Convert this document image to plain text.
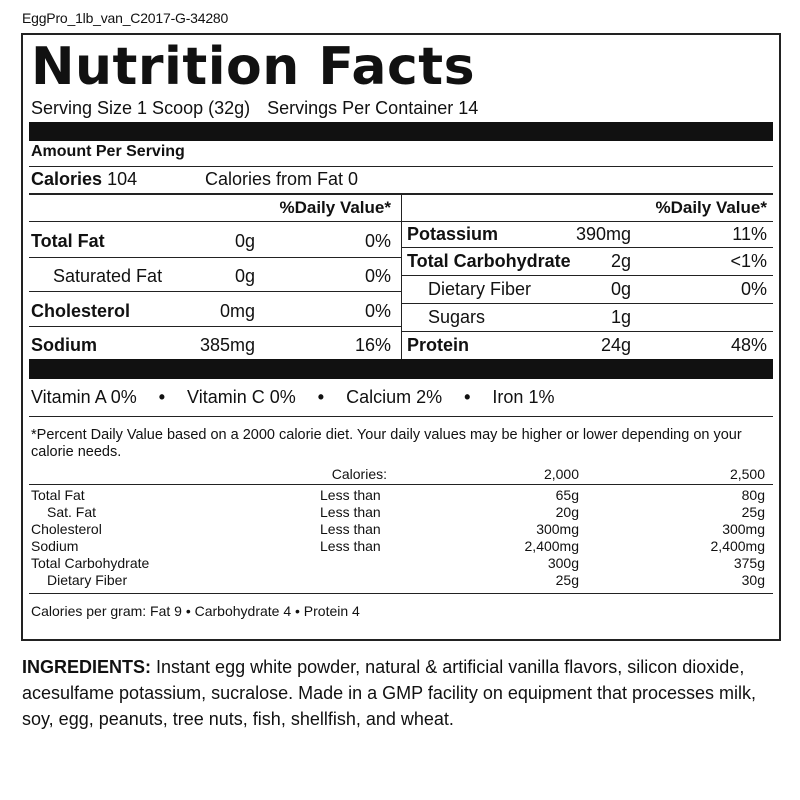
EggPro_1lb_van_C2017-G-34280
Nutrition Facts
Serving Size 1 Scoop (32g) Servings Per Container 14
Amount Per Serving
Calories 104	Calories from Fat 0
%Daily Value*	%Daily Value*
Total Fat	0g	0%
Saturated Fat	0g	0%
Cholesterol	0mg	0%
Sodium	385mg	16%
Potassium	390mg	11%
Total Carbohydrate	2g	<1%
Dietary Fiber	0g	0%
Sugars	1g
Protein	24g	48%
Vitamin A 0% • Vitamin C 0% • Calcium 2% • Iron 1%
*Percent Daily Value based on a 2000 calorie diet. Your daily values may be higher or lower depending on your calorie needs.
Calories:	2,000	2,500
Total Fat	Less than	65g	80g
Sat. Fat	Less than	20g	25g
Cholesterol	Less than	300mg	300mg
Sodium	Less than	2,400mg	2,400mg
Total Carbohydrate	300g	375g
Dietary Fiber	25g	30g
Calories per gram: Fat 9 • Carbohydrate 4 • Protein 4
INGREDIENTS: Instant egg white powder, natural & artificial vanilla flavors, silicon dioxide, acesulfame potassium, sucralose. Made in a GMP facility on equipment that processes milk, soy, egg, peanuts, tree nuts, fish, shellfish, and wheat.
